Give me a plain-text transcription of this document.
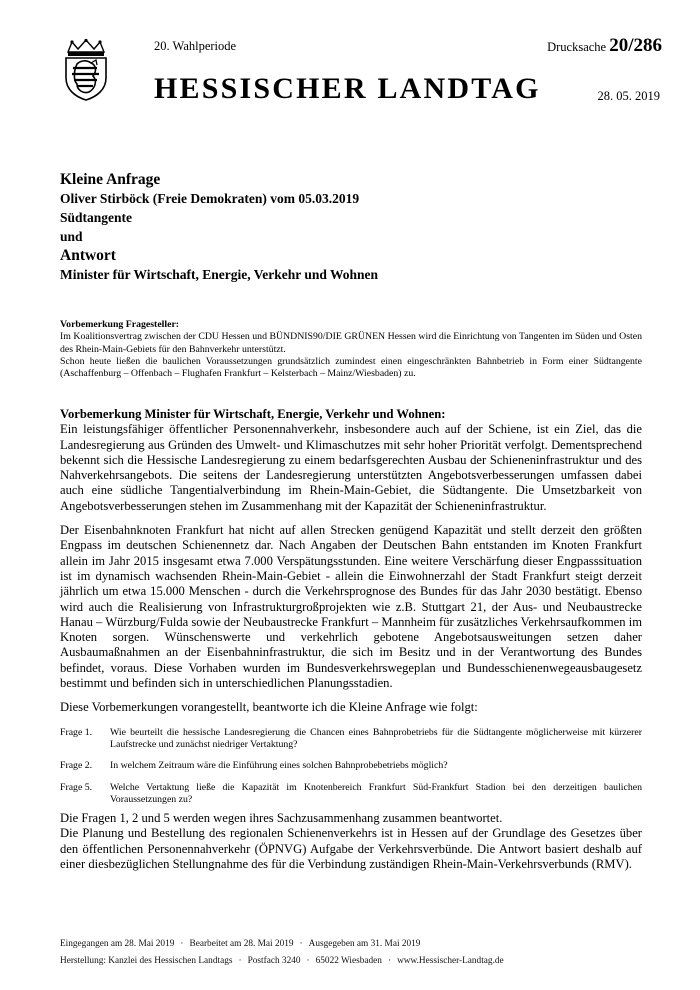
20. Wahlperiode	Drucksache 20/286
HESSISCHER LANDTAG	28. 05. 2019
Kleine Anfrage
Oliver Stirböck (Freie Demokraten) vom 05.03.2019
Südtangente
und
Antwort
Minister für Wirtschaft, Energie, Verkehr und Wohnen
Vorbemerkung Fragesteller:

Im Koalitionsvertrag zwischen der CDU Hessen und BÜNDNIS90/DIE GRÜNEN Hessen wird die Einrichtung von Tangenten im Süden und Osten des Rhein-Main-Gebiets für den Bahnverkehr unterstützt.

Schon heute ließen die baulichen Voraussetzungen grundsätzlich zumindest einen eingeschränkten Bahnbetrieb in Form einer Südtangente (Aschaffenburg – Offenbach – Flughafen Frankfurt – Kelsterbach – Mainz/Wiesbaden) zu.

Vorbemerkung Minister für Wirtschaft, Energie, Verkehr und Wohnen:

Ein leistungsfähiger öffentlicher Personennahverkehr, insbesondere auch auf der Schiene, ist ein Ziel, das die Landesregierung aus Gründen des Umwelt- und Klimaschutzes mit sehr hoher Priorität verfolgt. Dementsprechend bekennt sich die Hessische Landesregierung zu einem bedarfsgerechten Ausbau der Schieneninfrastruktur und des Nahverkehrsangebots. Die seitens der Landesregierung unterstützten Angebotsverbesserungen umfassen dabei auch eine südliche Tangentialverbindung im Rhein-Main-Gebiet, die Südtangente. Die Umsetzbarkeit von Angebotsverbesserungen stehen im Zusammenhang mit der Kapazität der Schieneninfrastruktur.

Der Eisenbahnknoten Frankfurt hat nicht auf allen Strecken genügend Kapazität und stellt derzeit den größten Engpass im deutschen Schienennetz dar. Nach Angaben der Deutschen Bahn entstanden im Knoten Frankfurt allein im Jahr 2015 insgesamt etwa 7.000 Verspätungsstunden. Eine weitere Verschärfung dieser Engpasssituation ist im dynamisch wachsenden Rhein-Main-Gebiet - allein die Einwohnerzahl der Stadt Frankfurt steigt derzeit jährlich um etwa 15.000 Menschen - durch die Verkehrsprognose des Bundes für das Jahr 2030 bestätigt. Ebenso wird auch die Realisierung von Infrastrukturgroßprojekten wie z.B. Stuttgart 21, der Aus- und Neubaustrecke Hanau – Würzburg/Fulda sowie der Neubaustrecke Frankfurt – Mannheim für zusätzliches Verkehrsaufkommen im Knoten sorgen. Wünschenswerte und verkehrlich gebotene Angebotsausweitungen setzen daher Ausbaumaßnahmen an der Eisenbahninfrastruktur, die sich im Besitz und in der Verantwortung des Bundes befindet, voraus. Diese Vorhaben wurden im Bundesverkehrswegeplan und Bundesschienenwegeausbaugesetz bestimmt und befinden sich in unterschiedlichen Planungsstadien.

Diese Vorbemerkungen vorangestellt, beantworte ich die Kleine Anfrage wie folgt:

Frage 1.	Wie beurteilt die hessische Landesregierung die Chancen eines Bahnprobetriebs für die Südtangente möglicherweise mit kürzerer Laufstrecke und zunächst niedriger Vertaktung?
Frage 2.	In welchem Zeitraum wäre die Einführung eines solchen Bahnprobebetriebs möglich?
Frage 5.	Welche Vertaktung ließe die Kapazität im Knotenbereich Frankfurt Süd-Frankfurt Stadion bei den derzeitigen baulichen Voraussetzungen zu?

Die Fragen 1, 2 und 5 werden wegen ihres Sachzusammenhang zusammen beantwortet.

Die Planung und Bestellung des regionalen Schienenverkehrs ist in Hessen auf der Grundlage des Gesetzes über den öffentlichen Personennahverkehr (ÖPNVG) Aufgabe der Verkehrsverbünde. Die Antwort basiert deshalb auf einer diesbezüglichen Stellungnahme des für die Verbindung zuständigen Rhein-Main-Verkehrsverbunds (RMV).

Eingegangen am 28. Mai 2019 · Bearbeitet am 28. Mai 2019 · Ausgegeben am 31. Mai 2019
Herstellung: Kanzlei des Hessischen Landtags · Postfach 3240 · 65022 Wiesbaden · www.Hessischer-Landtag.de
